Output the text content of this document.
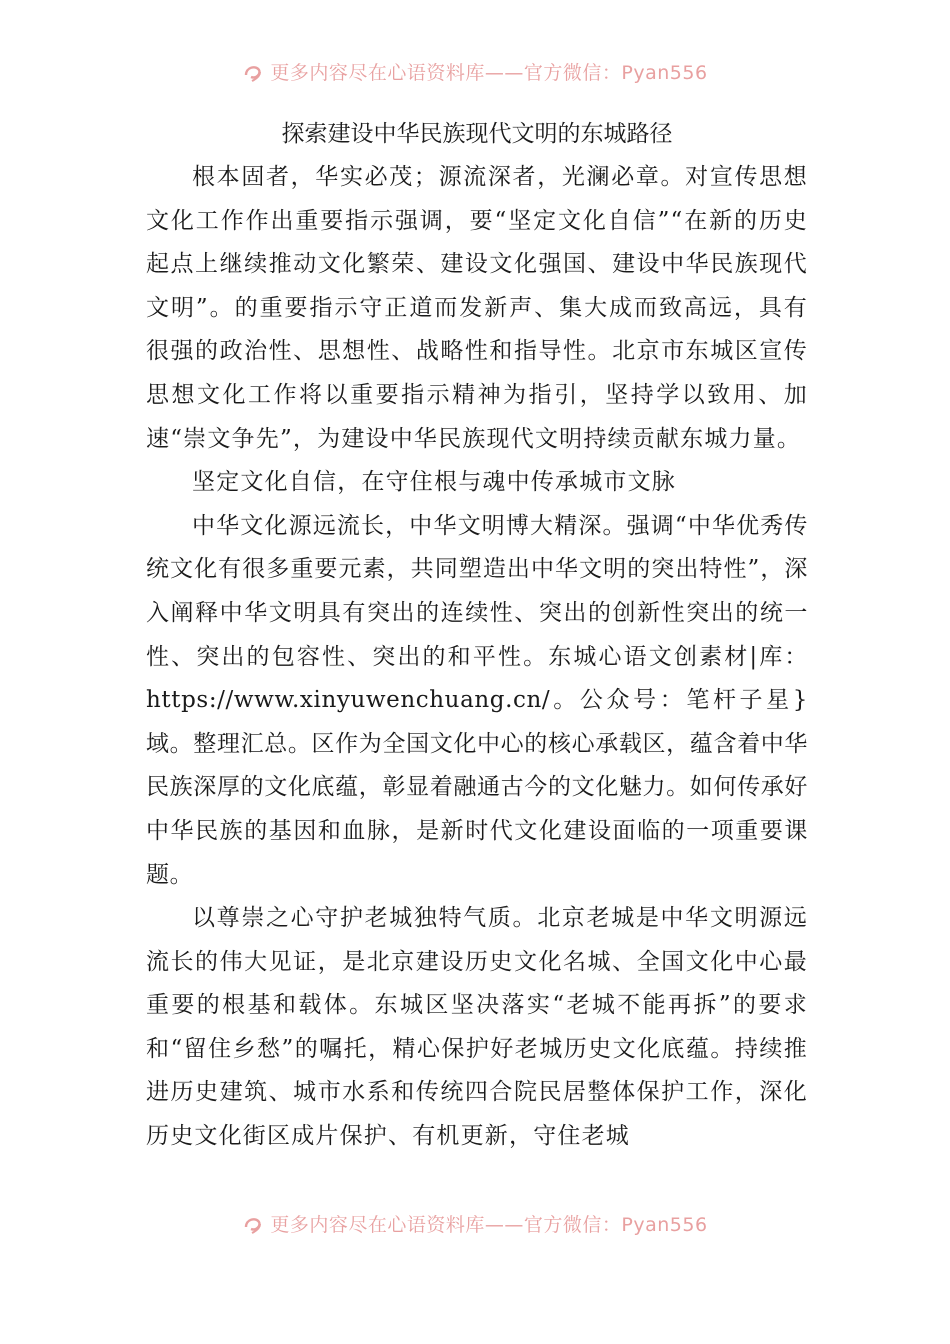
更多内容尽在心语资料库——官方微信：Pyan556
探索建设中华民族现代文明的东城路径

根本固者，华实必茂；源流深者，光澜必章。对宣传思想文化工作作出重要指示强调，要“坚定文化自信”“在新的历史起点上继续推动文化繁荣、建设文化强国、建设中华民族现代文明”。的重要指示守正道而发新声、集大成而致高远，具有很强的政治性、思想性、战略性和指导性。北京市东城区宣传思想文化工作将以重要指示精神为指引，坚持学以致用、加速“崇文争先”，为建设中华民族现代文明持续贡献东城力量。

坚定文化自信，在守住根与魂中传承城市文脉

中华文化源远流长，中华文明博大精深。强调“中华优秀传统文化有很多重要元素，共同塑造出中华文明的突出特性”，深入阐释中华文明具有突出的连续性、突出的创新性突出的统一性、突出的包容性、突出的和平性。东城心语文创素材|库：https://www.xinyuwenchuang.cn/。公众号：笔杆子星}域。整理汇总。区作为全国文化中心的核心承载区，蕴含着中华民族深厚的文化底蕴，彰显着融通古今的文化魅力。如何传承好中华民族的基因和血脉，是新时代文化建设面临的一项重要课题。

以尊崇之心守护老城独特气质。北京老城是中华文明源远流长的伟大见证，是北京建设历史文化名城、全国文化中心最重要的根基和载体。东城区坚决落实“老城不能再拆”的要求和“留住乡愁”的嘱托，精心保护好老城历史文化底蕴。持续推进历史建筑、城市水系和传统四合院民居整体保护工作，深化历史文化街区成片保护、有机更新，守住老城

更多内容尽在心语资料库——官方微信：Pyan556
